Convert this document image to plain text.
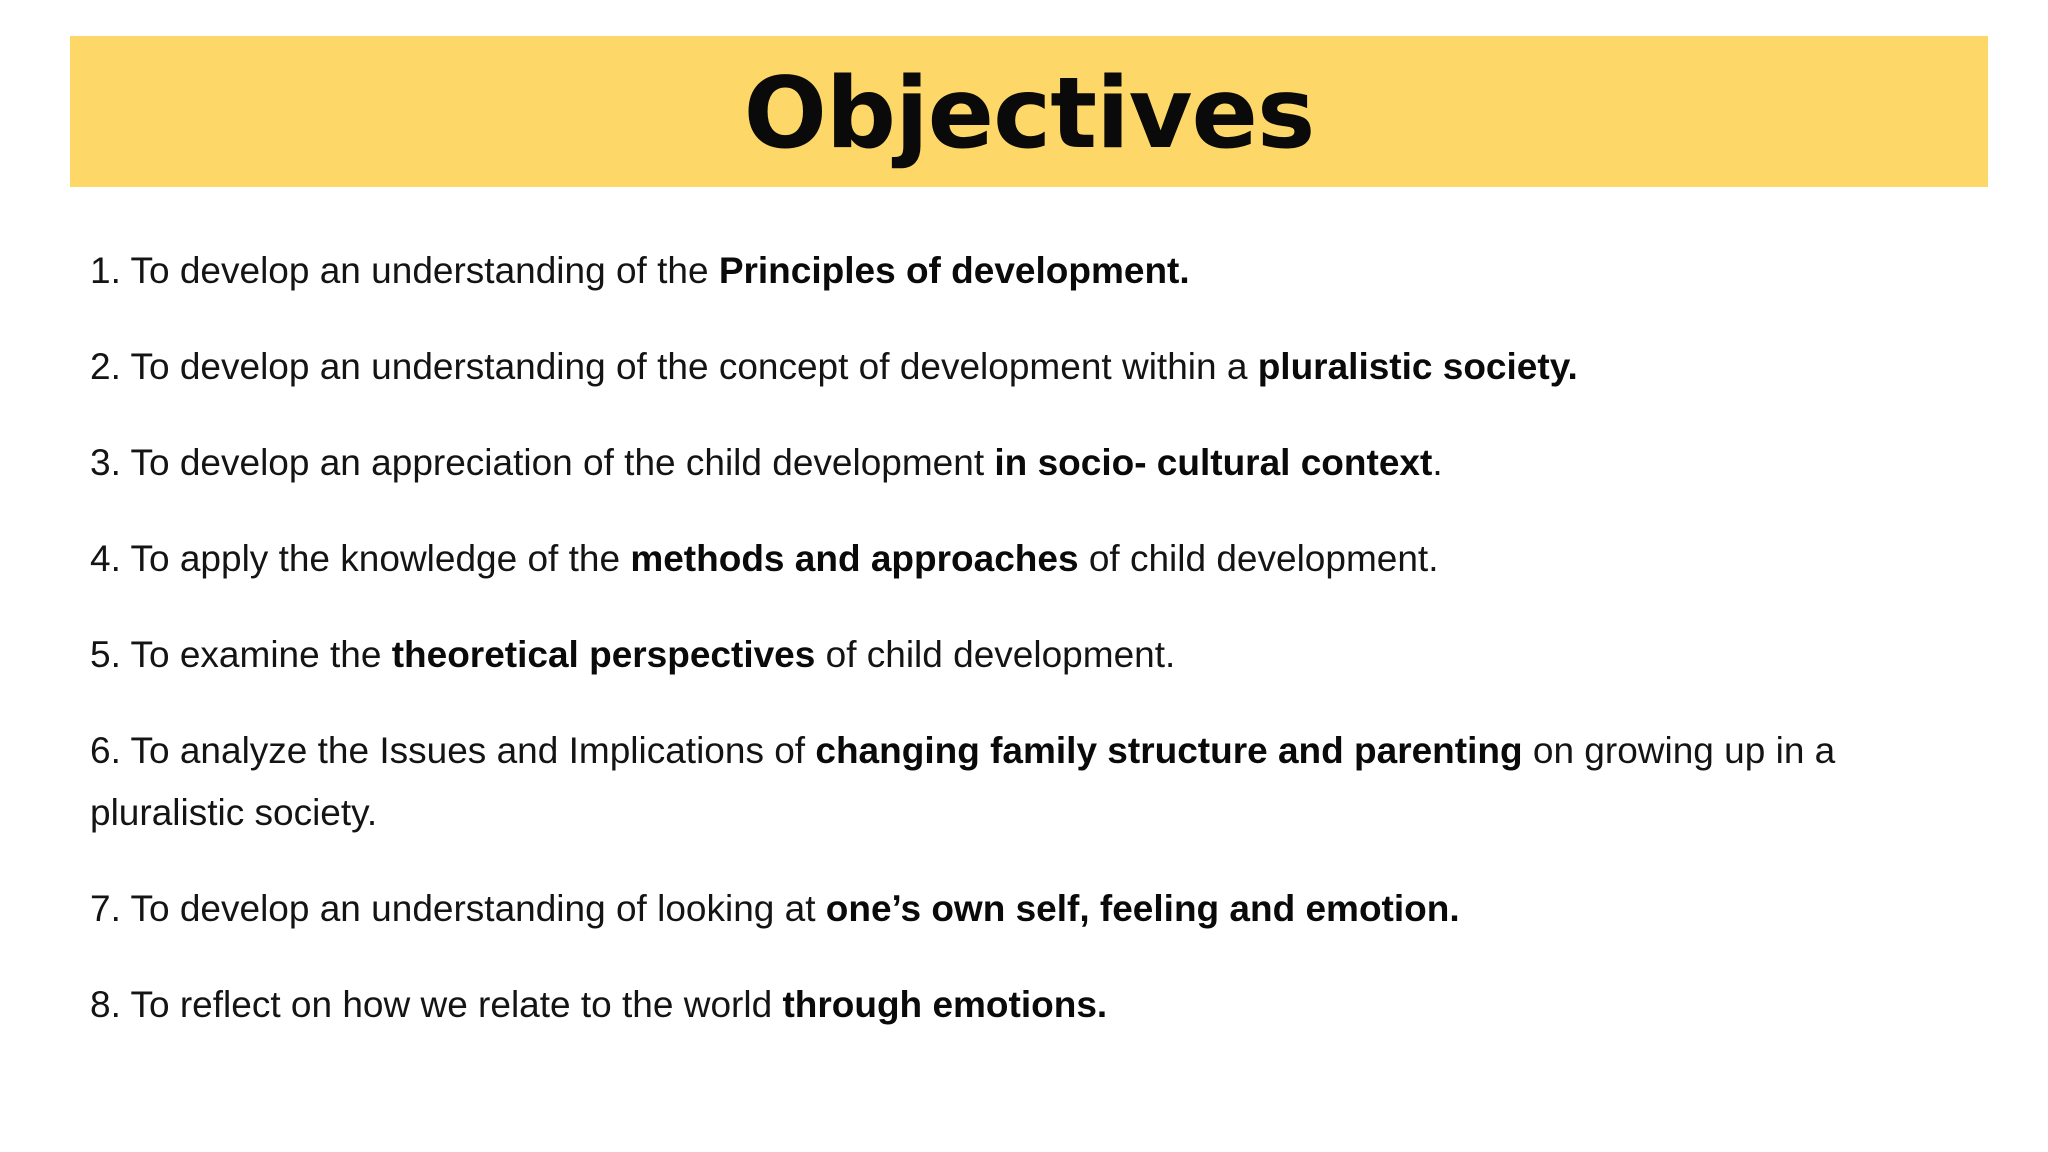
Objectives
1. To develop an understanding of the Principles of development.
2. To develop an understanding of the concept of development within a pluralistic society.
3. To develop an appreciation of the child development in socio- cultural context.
4. To apply the knowledge of the methods and approaches of child development.
5. To examine the theoretical perspectives of child development.
6. To analyze the Issues and Implications of changing family structure and parenting on growing up in a pluralistic society.
7. To develop an understanding of looking at one’s own self, feeling and emotion.
8. To reflect on how we relate to the world through emotions.
